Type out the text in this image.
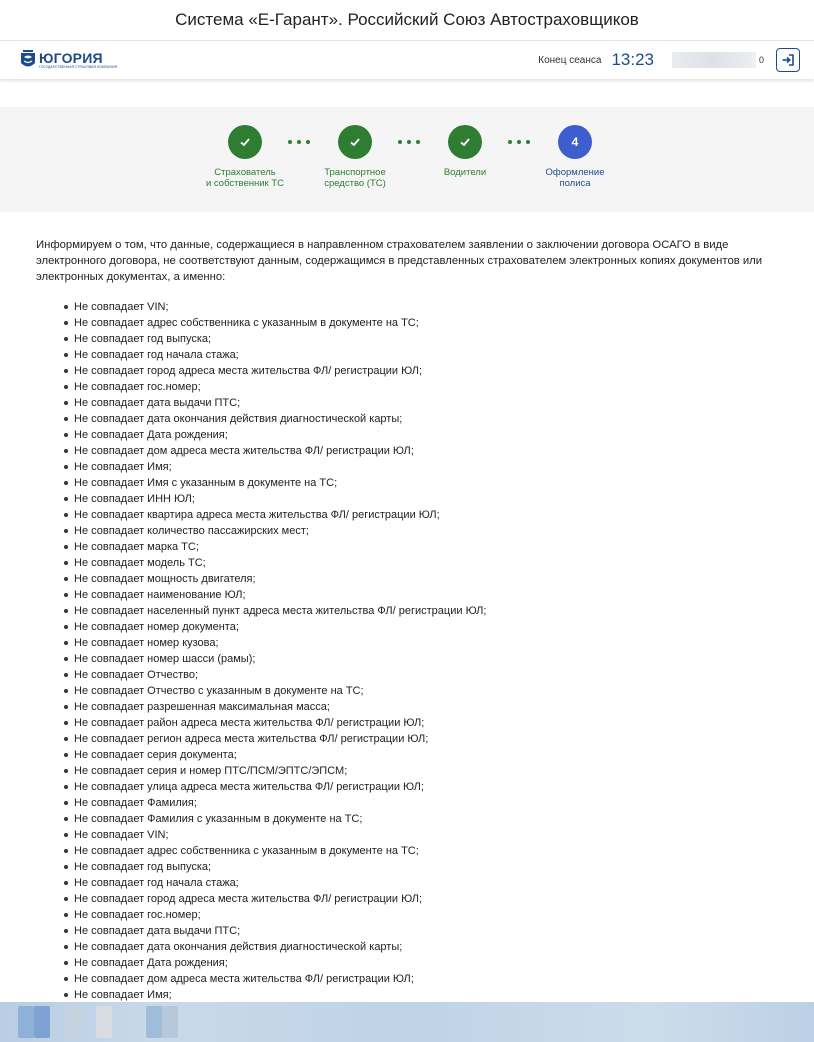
Система «Е-Гарант». Российский Союз Автостраховщиков
ЮГОРИЯ
ГОСУДАРСТВЕННАЯ СТРАХОВАЯ КОМПАНИЯ
Конец сеанса 13:23	0
Страхователь
и собственник ТС
Транспортное
средство (ТС)
Водители
4
Оформление
полиса

Информируем о том, что данные, содержащиеся в направленном страхователем заявлении о заключении договора ОСАГО в виде электронного договора, не соответствуют данным, содержащимся в представленных страхователем электронных копиях документов или электронных документах, а именно:

Не совпадает VIN;
Не совпадает адрес собственника с указанным в документе на ТС;
Не совпадает год выпуска;
Не совпадает год начала стажа;
Не совпадает город адреса места жительства ФЛ/ регистрации ЮЛ;
Не совпадает гос.номер;
Не совпадает дата выдачи ПТС;
Не совпадает дата окончания действия диагностической карты;
Не совпадает Дата рождения;
Не совпадает дом адреса места жительства ФЛ/ регистрации ЮЛ;
Не совпадает Имя;
Не совпадает Имя с указанным в документе на ТС;
Не совпадает ИНН ЮЛ;
Не совпадает квартира адреса места жительства ФЛ/ регистрации ЮЛ;
Не совпадает количество пассажирских мест;
Не совпадает марка ТС;
Не совпадает модель ТС;
Не совпадает мощность двигателя;
Не совпадает наименование ЮЛ;
Не совпадает населенный пункт адреса места жительства ФЛ/ регистрации ЮЛ;
Не совпадает номер документа;
Не совпадает номер кузова;
Не совпадает номер шасси (рамы);
Не совпадает Отчество;
Не совпадает Отчество с указанным в документе на ТС;
Не совпадает разрешенная максимальная масса;
Не совпадает район адреса места жительства ФЛ/ регистрации ЮЛ;
Не совпадает регион адреса места жительства ФЛ/ регистрации ЮЛ;
Не совпадает серия документа;
Не совпадает серия и номер ПТС/ПСМ/ЭПТС/ЭПСМ;
Не совпадает улица адреса места жительства ФЛ/ регистрации ЮЛ;
Не совпадает Фамилия;
Не совпадает Фамилия с указанным в документе на ТС;
Не совпадает VIN;
Не совпадает адрес собственника с указанным в документе на ТС;
Не совпадает год выпуска;
Не совпадает год начала стажа;
Не совпадает город адреса места жительства ФЛ/ регистрации ЮЛ;
Не совпадает гос.номер;
Не совпадает дата выдачи ПТС;
Не совпадает дата окончания действия диагностической карты;
Не совпадает Дата рождения;
Не совпадает дом адреса места жительства ФЛ/ регистрации ЮЛ;
Не совпадает Имя;
